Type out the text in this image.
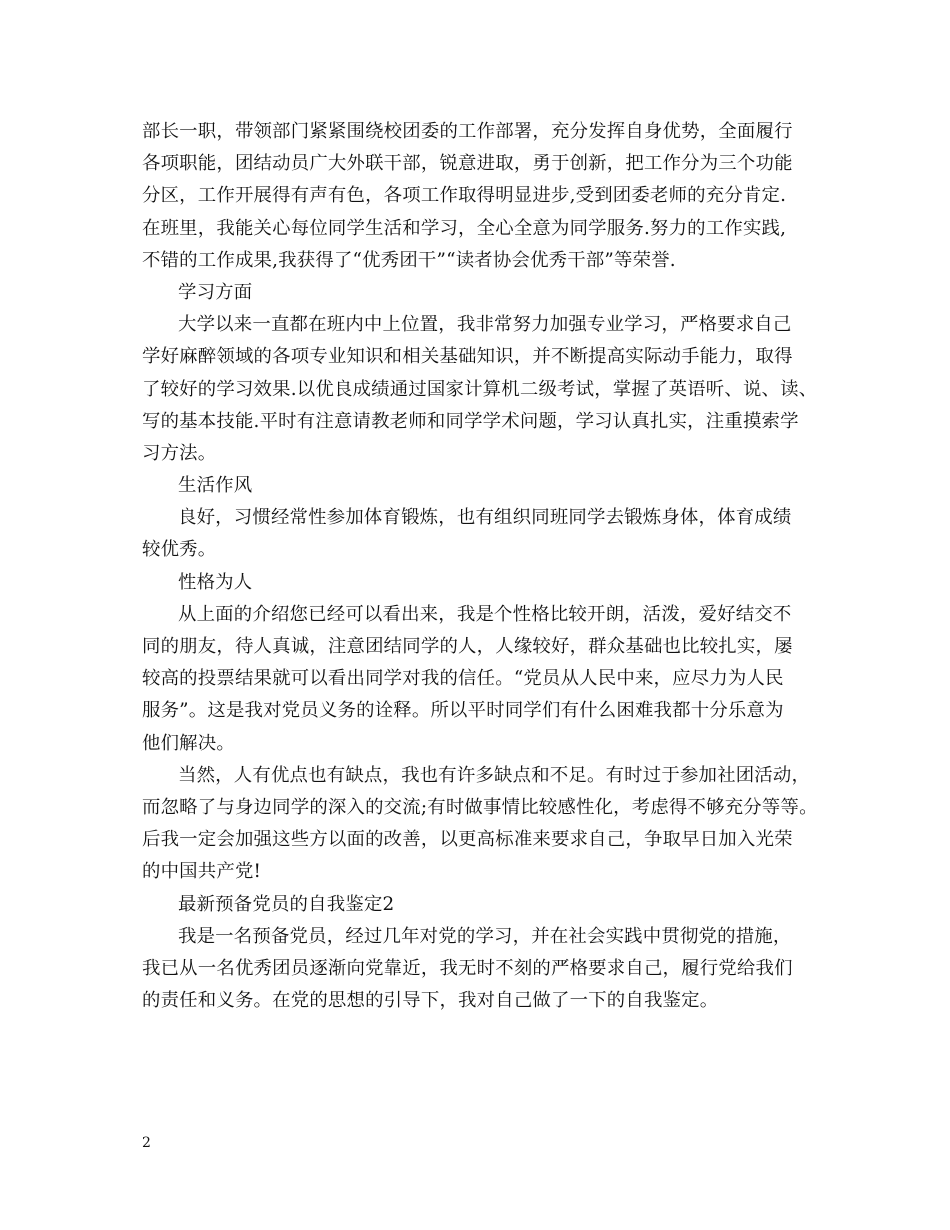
部长一职，带领部门紧紧围绕校团委的工作部署，充分发挥自身优势，全面履行
各项职能，团结动员广大外联干部，锐意进取，勇于创新，把工作分为三个功能
分区，工作开展得有声有色，各项工作取得明显进步,受到团委老师的充分肯定.
在班里，我能关心每位同学生活和学习，全心全意为同学服务.努力的工作实践,
不错的工作成果,我获得了“优秀团干”“读者协会优秀干部”等荣誉.
学习方面
大学以来一直都在班内中上位置，我非常努力加强专业学习，严格要求自己
学好麻醉领域的各项专业知识和相关基础知识，并不断提高实际动手能力，取得
了较好的学习效果.以优良成绩通过国家计算机二级考试，掌握了英语听、说、读、
写的基本技能.平时有注意请教老师和同学学术问题，学习认真扎实，注重摸索学
习方法。
生活作风
良好，习惯经常性参加体育锻炼，也有组织同班同学去锻炼身体，体育成绩
较优秀。
性格为人
从上面的介绍您已经可以看出来，我是个性格比较开朗，活泼，爱好结交不
同的朋友，待人真诚，注意团结同学的人，人缘较好，群众基础也比较扎实，屡
较高的投票结果就可以看出同学对我的信任。“党员从人民中来，应尽力为人民
服务”。这是我对党员义务的诠释。所以平时同学们有什么困难我都十分乐意为
他们解决。
当然，人有优点也有缺点，我也有许多缺点和不足。有时过于参加社团活动，
而忽略了与身边同学的深入的交流;有时做事情比较感性化，考虑得不够充分等等。
后我一定会加强这些方以面的改善，以更高标准来要求自己，争取早日加入光荣
的中国共产党!
最新预备党员的自我鉴定2
我是一名预备党员，经过几年对党的学习，并在社会实践中贯彻党的措施，
我已从一名优秀团员逐渐向党靠近，我无时不刻的严格要求自己，履行党给我们
的责任和义务。在党的思想的引导下，我对自己做了一下的自我鉴定。
2
